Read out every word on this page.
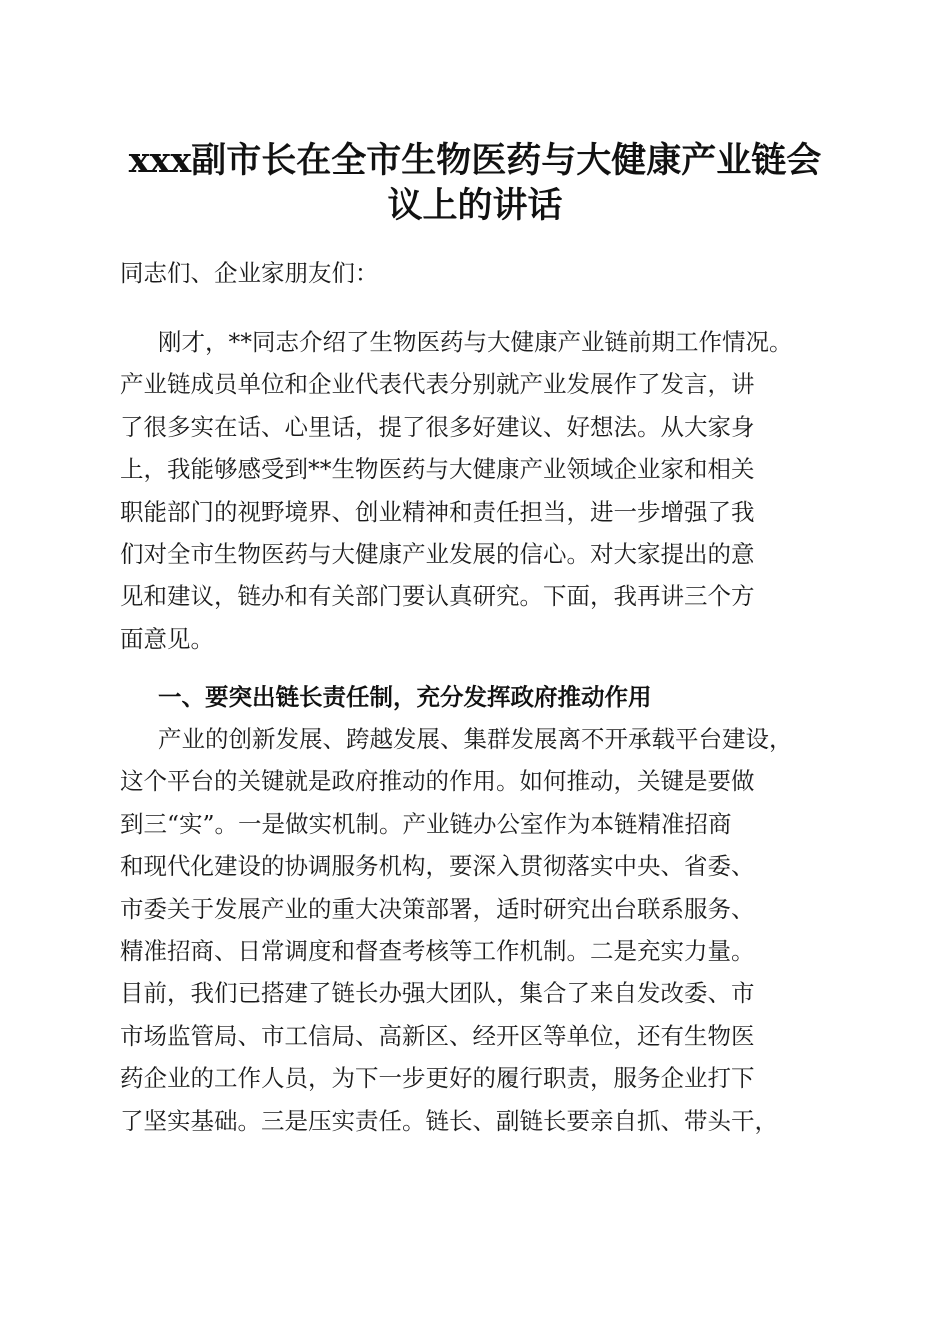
xxx副市长在全市生物医药与大健康产业链会
议上的讲话

同志们、企业家朋友们：

刚才，**同志介绍了生物医药与大健康产业链前期工作情况。
产业链成员单位和企业代表代表分别就产业发展作了发言，讲
了很多实在话、心里话，提了很多好建议、好想法。从大家身
上，我能够感受到**生物医药与大健康产业领域企业家和相关
职能部门的视野境界、创业精神和责任担当，进一步增强了我
们对全市生物医药与大健康产业发展的信心。对大家提出的意
见和建议，链办和有关部门要认真研究。下面，我再讲三个方
面意见。

一、要突出链长责任制，充分发挥政府推动作用

产业的创新发展、跨越发展、集群发展离不开承载平台建设，
这个平台的关键就是政府推动的作用。如何推动，关键是要做
到三“实”。一是做实机制。产业链办公室作为本链精准招商
和现代化建设的协调服务机构，要深入贯彻落实中央、省委、
市委关于发展产业的重大决策部署，适时研究出台联系服务、
精准招商、日常调度和督查考核等工作机制。二是充实力量。
目前，我们已搭建了链长办强大团队，集合了来自发改委、市
市场监管局、市工信局、高新区、经开区等单位，还有生物医
药企业的工作人员，为下一步更好的履行职责，服务企业打下
了坚实基础。三是压实责任。链长、副链长要亲自抓、带头干，
